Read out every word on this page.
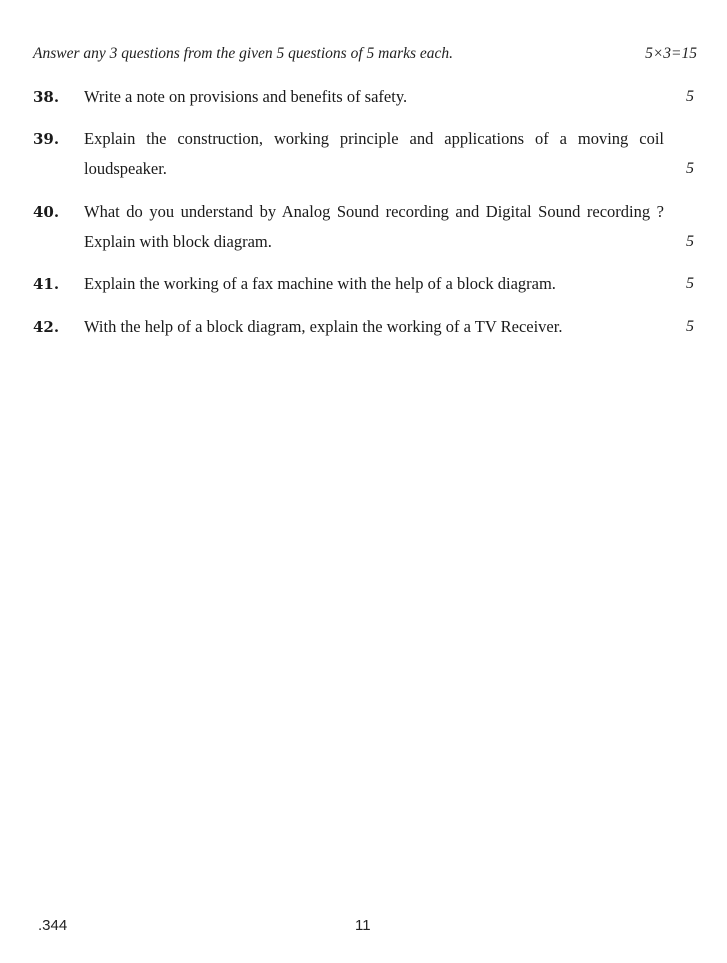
Answer any 3 questions from the given 5 questions of 5 marks each.	5×3=15
38. Write a note on provisions and benefits of safety.	5
39. Explain the construction, working principle and applications of a moving coil loudspeaker.	5
40. What do you understand by Analog Sound recording and Digital Sound recording ? Explain with block diagram.	5
41. Explain the working of a fax machine with the help of a block diagram.	5
42. With the help of a block diagram, explain the working of a TV Receiver.	5
.344	11
